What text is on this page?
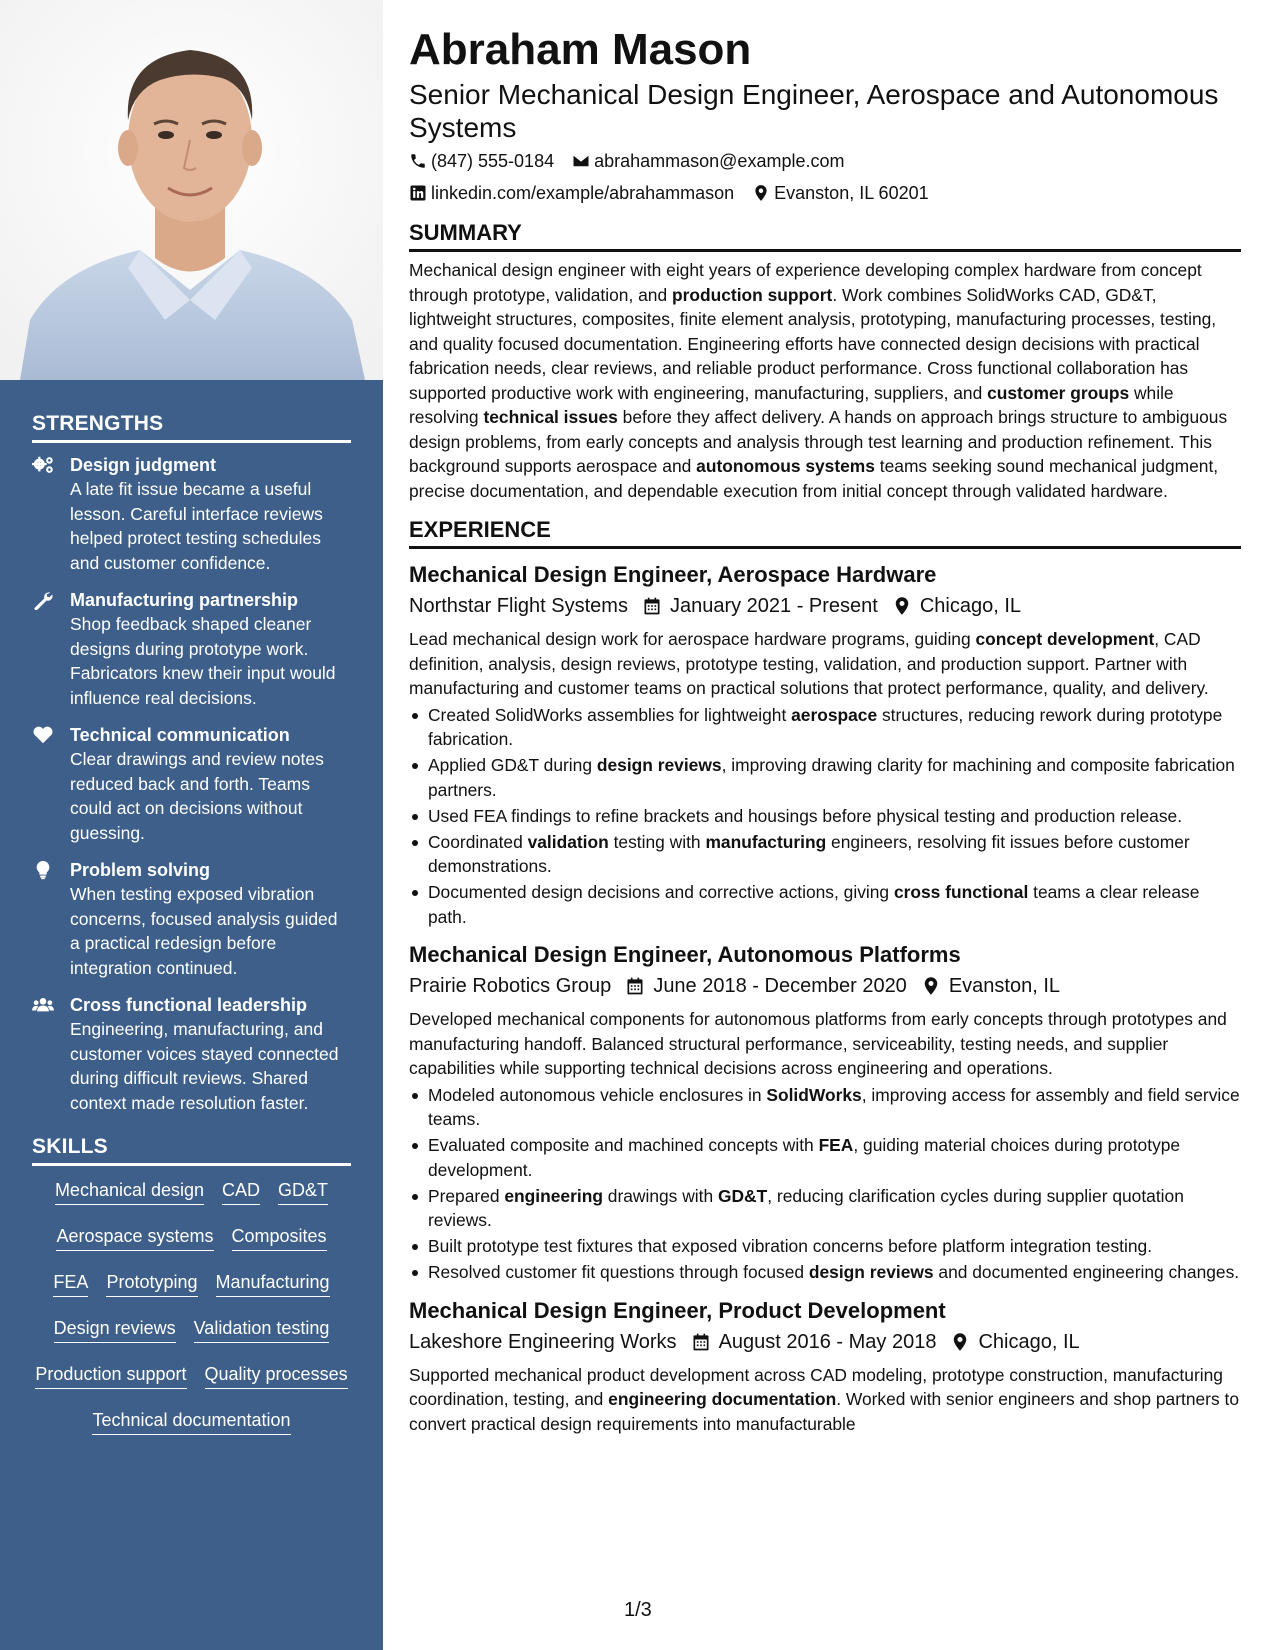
STRENGTHS
Design judgment
A late fit issue became a useful lesson. Careful interface reviews helped protect testing schedules and customer confidence.
Manufacturing partnership
Shop feedback shaped cleaner designs during prototype work. Fabricators knew their input would influence real decisions.
Technical communication
Clear drawings and review notes reduced back and forth. Teams could act on decisions without guessing.
Problem solving
When testing exposed vibration concerns, focused analysis guided a practical redesign before integration continued.
Cross functional leadership
Engineering, manufacturing, and customer voices stayed connected during difficult reviews. Shared context made resolution faster.
SKILLS
Mechanical design CAD GD&T
Aerospace systems Composites
FEA Prototyping Manufacturing
Design reviews Validation testing
Production support Quality processes
Technical documentation
Abraham Mason
Senior Mechanical Design Engineer, Aerospace and Autonomous Systems
(847) 555-0184 abrahammason@example.com
linkedin.com/example/abrahammason Evanston, IL 60201
SUMMARY

Mechanical design engineer with eight years of experience developing complex hardware from concept through prototype, validation, and production support. Work combines SolidWorks CAD, GD&T, lightweight structures, composites, finite element analysis, prototyping, manufacturing processes, testing, and quality focused documentation. Engineering efforts have connected design decisions with practical fabrication needs, clear reviews, and reliable product performance. Cross functional collaboration has supported productive work with engineering, manufacturing, suppliers, and customer groups while resolving technical issues before they affect delivery. A hands on approach brings structure to ambiguous design problems, from early concepts and analysis through test learning and production refinement. This background supports aerospace and autonomous systems teams seeking sound mechanical judgment, precise documentation, and dependable execution from initial concept through validated hardware.

EXPERIENCE
Mechanical Design Engineer, Aerospace Hardware
Northstar Flight Systems January 2021 - Present Chicago, IL

Lead mechanical design work for aerospace hardware programs, guiding concept development, CAD definition, analysis, design reviews, prototype testing, validation, and production support. Partner with manufacturing and customer teams on practical solutions that protect performance, quality, and delivery.

Created SolidWorks assemblies for lightweight aerospace structures, reducing rework during prototype fabrication.
Applied GD&T during design reviews, improving drawing clarity for machining and composite fabrication partners.
Used FEA findings to refine brackets and housings before physical testing and production release.
Coordinated validation testing with manufacturing engineers, resolving fit issues before customer demonstrations.
Documented design decisions and corrective actions, giving cross functional teams a clear release path.
Mechanical Design Engineer, Autonomous Platforms
Prairie Robotics Group June 2018 - December 2020 Evanston, IL

Developed mechanical components for autonomous platforms from early concepts through prototypes and manufacturing handoff. Balanced structural performance, serviceability, testing needs, and supplier capabilities while supporting technical decisions across engineering and operations.

Modeled autonomous vehicle enclosures in SolidWorks, improving access for assembly and field service teams.
Evaluated composite and machined concepts with FEA, guiding material choices during prototype development.
Prepared engineering drawings with GD&T, reducing clarification cycles during supplier quotation reviews.
Built prototype test fixtures that exposed vibration concerns before platform integration testing.
Resolved customer fit questions through focused design reviews and documented engineering changes.
Mechanical Design Engineer, Product Development
Lakeshore Engineering Works August 2016 - May 2018 Chicago, IL

Supported mechanical product development across CAD modeling, prototype construction, manufacturing coordination, testing, and engineering documentation. Worked with senior engineers and shop partners to convert practical design requirements into manufacturable

1/3
